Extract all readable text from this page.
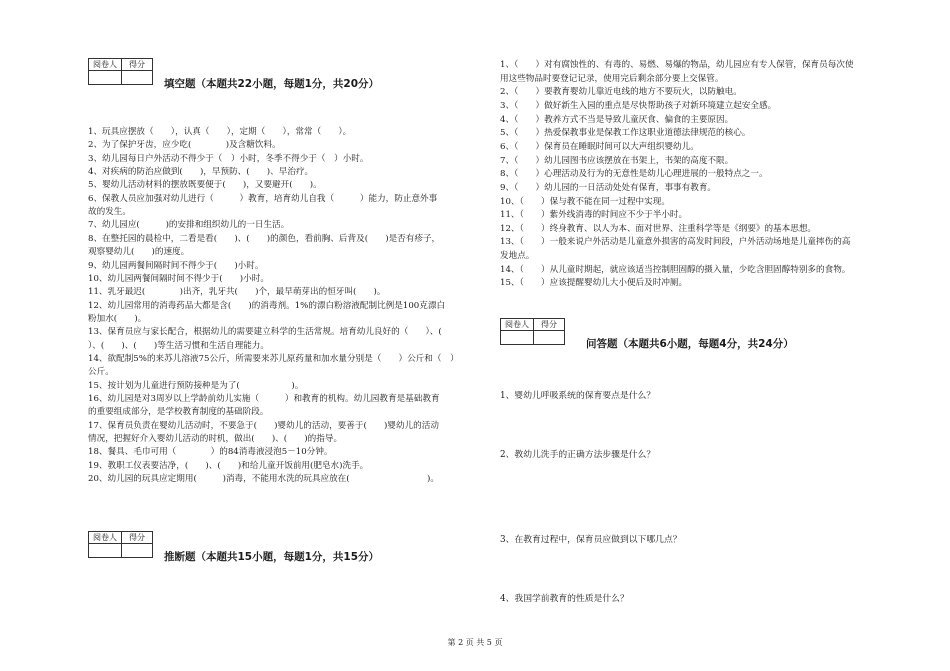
阅卷人	得分

填空题（本题共22小题，每题1分，共20分）
1、玩具应摆放（　　），认真（　　），定期（　　），常常（　　）。
2、为了保护牙齿，应少吃(　　　　)及含糖饮料。
3、幼儿园每日户外活动不得少于（　）小时，冬季不得少于（　）小时。
4、对疾病的防治应做到(　　)，早预防、(　　)、早治疗。
5、婴幼儿活动材料的摆放既要便于(　　)，又要避开(　　)。
6、保教人员应加强对幼儿进行（　　　）教育，培育幼儿自我（　　　）能力，防止意外事
故的发生。
7、幼儿园应(　　　)的安排和组织幼儿的一日生活。
8、在整托园的晨检中，二看是看(　　)、(　　)的颜色，看前胸、后背及(　　)是否有疹子，
观察婴幼儿(　　)的速度。
9、幼儿园两餐间隔时间不得少于(　　)小时。
10、幼儿园两餐间隔时间不得少于(　　)小时。
11、乳牙最迟(　　　　)出齐，乳牙共(　　)个，最早萌芽出的恒牙叫(　　)。
12、幼儿园常用的消毒药品大都是含(　　)的消毒剂。1%的漂白粉溶液配制比例是100克漂白
粉加水(　　)。
13、保育员应与家长配合，根据幼儿的需要建立科学的生活常规。培育幼儿良好的（　　）、(
）、(　　)、(　　)等生活习惯和生活自理能力。
14、欲配制5%的来苏儿溶液75公斤，所需要来苏儿原药量和加水量分别是（　　）公斤和（　）
公斤。
15、按计划为儿童进行预防接种是为了(　　　　　　)。
16、幼儿园是对3周岁以上学龄前幼儿实施（　　　）和教育的机构。幼儿园教育是基础教育
的重要组成部分，是学校教育制度的基础阶段。
17、保育员负责在婴幼儿活动时，不要急于(　　)婴幼儿的活动，要善于(　　)婴幼儿的活动
情况，把握好介入婴幼儿活动的时机，做出(　　)、(　　)的指导。
18、餐具、毛巾可用（　　　　）的84消毒液浸泡5－10分钟。
19、教职工仪表要洁净，(　　)、(　　)和给儿童开饭前用(肥皂水)洗手。
20、幼儿园的玩具应定期用(　　　)消毒，不能用水洗的玩具应放在(　　　　　　　　　)。
阅卷人	得分

推断题（本题共15小题，每题1分，共15分）
1、（　　）对有腐蚀性的、有毒的、易燃、易爆的物品，幼儿园应有专人保管，保育员每次使
用这些物品时要登记记录，使用完后剩余部分要上交保管。
2、（　　）要教育婴幼儿靠近电线的地方不要玩火，以防触电。
3、（　　）做好新生入园的重点是尽快帮助孩子对新环境建立起安全感。
4、（　　）教养方式不当是导致儿童厌食、偏食的主要原因。
5、（　　）热爱保教事业是保教工作这职业道德法律规范的核心。
6、（　　）保育员在睡眠时间可以大声组织婴幼儿。
7、（　　）幼儿园图书应该摆放在书架上，书架的高度不限。
8、（　　）心理活动及行为的无意性是幼儿心理进展的一般特点之一。
9、（　　）幼儿园的一日活动处处有保育，事事有教育。
10、（　　）保与教不能在同一过程中实现。
11、（　　）紫外线消毒的时间应不少于半小时。
12、（　　）终身教育、以人为本、面对世界、注重科学等是《纲要》的基本思想。
13、（　　）一般来说户外活动是儿童意外损害的高发时间段，户外活动场地是儿童摔伤的高
发地点。
14、（　　）从儿童时期起，就应该适当控制胆固醇的摄入量，少吃含胆固醇特别多的食物。
15、（　　）应该提醒婴幼儿大小便后及时冲厕。
阅卷人	得分

问答题（本题共6小题，每题4分，共24分）
1、婴幼儿呼吸系统的保育要点是什么？
2、教幼儿洗手的正确方法步骤是什么？
3、在教育过程中，保育员应做到以下哪几点？
4、我国学前教育的性质是什么？
第 2 页 共 5 页
